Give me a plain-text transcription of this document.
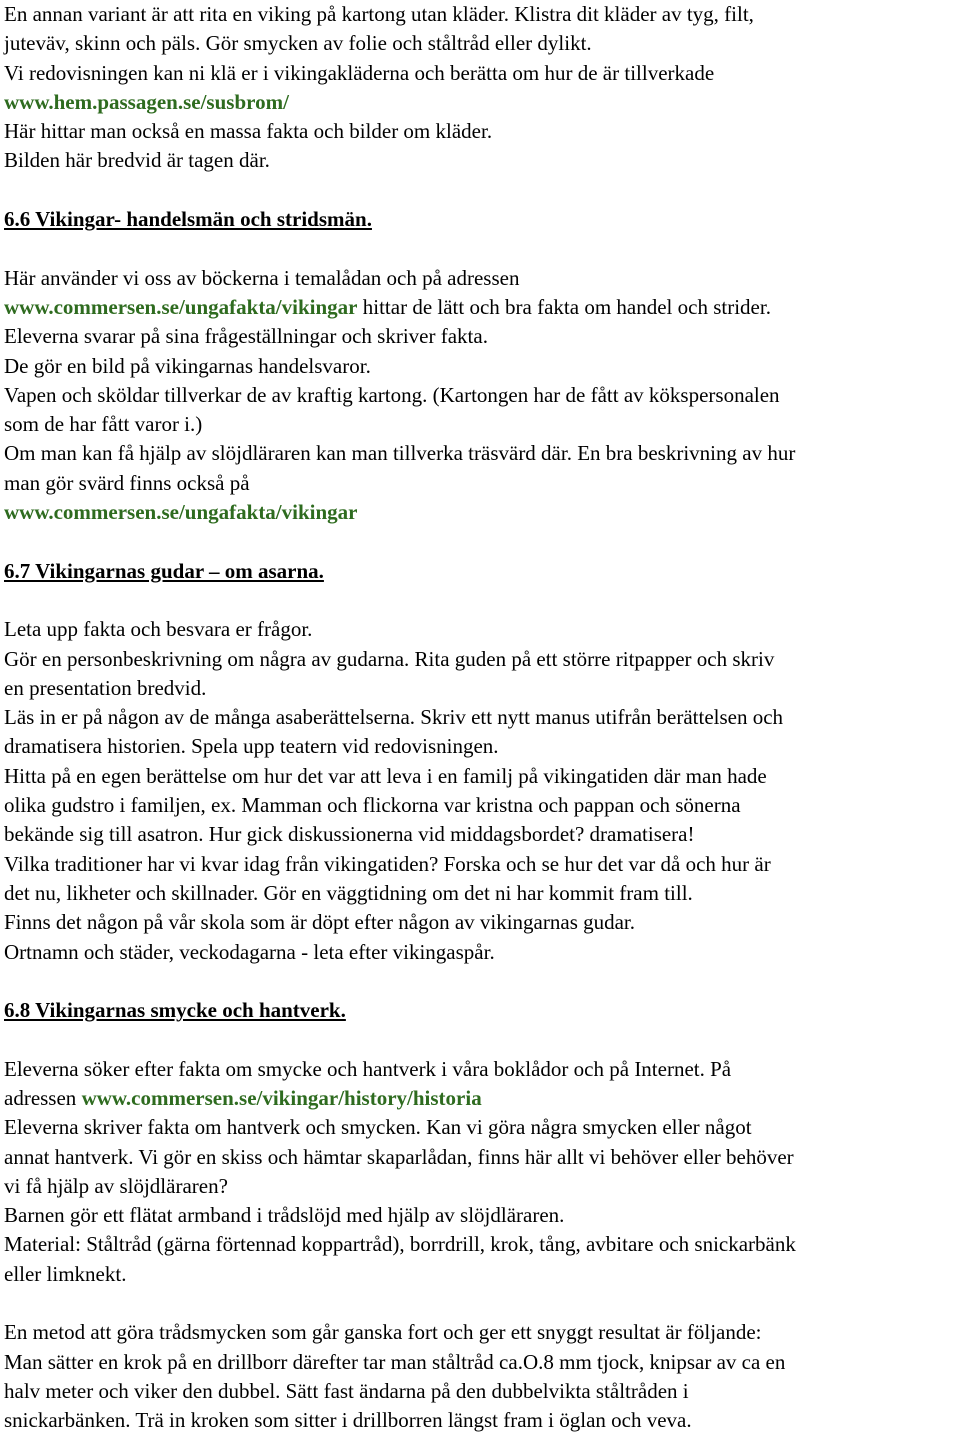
En annan variant är att rita en viking på kartong utan kläder. Klistra dit kläder av tyg, filt,
juteväv, skinn och päls. Gör smycken av folie och ståltråd eller dylikt.
Vi redovisningen kan ni klä er i vikingakläderna och berätta om hur de är tillverkade
www.hem.passagen.se/susbrom/
Här hittar man också en massa fakta och bilder om kläder.
Bilden här bredvid är tagen där.
6.6 Vikingar- handelsmän och stridsmän.
Här använder vi oss av böckerna i temalådan och på adressen
www.commersen.se/ungafakta/vikingar hittar de lätt och bra fakta om handel och strider.
Eleverna svarar på sina frågeställningar och skriver fakta.
De gör en bild på vikingarnas handelsvaror.
Vapen och sköldar tillverkar de av kraftig kartong. (Kartongen har de fått av kökspersonalen
som de har fått varor i.)
Om man kan få hjälp av slöjdläraren kan man tillverka träsvärd där. En bra beskrivning av hur
man gör svärd finns också på
www.commersen.se/ungafakta/vikingar
6.7 Vikingarnas gudar – om asarna.
Leta upp fakta och besvara er frågor.
Gör en personbeskrivning om några av gudarna. Rita guden på ett större ritpapper och skriv
en presentation bredvid.
Läs in er på någon av de många asaberättelserna. Skriv ett nytt manus utifrån berättelsen och
dramatisera historien. Spela upp teatern vid redovisningen.
Hitta på en egen berättelse om hur det var att leva i en familj på vikingatiden där man hade
olika gudstro i familjen, ex. Mamman och flickorna var kristna och pappan och sönerna
bekände sig till asatron. Hur gick diskussionerna vid middagsbordet? dramatisera!
Vilka traditioner har vi kvar idag från vikingatiden? Forska och se hur det var då och hur är
det nu, likheter och skillnader. Gör en väggtidning om det ni har kommit fram till.
Finns det någon på vår skola som är döpt efter någon av vikingarnas gudar.
Ortnamn och städer, veckodagarna - leta efter vikingaspår.
6.8 Vikingarnas smycke och hantverk.
Eleverna söker efter fakta om smycke och hantverk i våra boklådor och på Internet. På
adressen www.commersen.se/vikingar/history/historia
Eleverna skriver fakta om hantverk och smycken. Kan vi göra några smycken eller något
annat hantverk. Vi gör en skiss och hämtar skaparlådan, finns här allt vi behöver eller behöver
vi få hjälp av slöjdläraren?
Barnen gör ett flätat armband i trådslöjd med hjälp av slöjdläraren.
Material: Ståltråd (gärna förtennad koppartråd), borrdrill, krok, tång, avbitare och snickarbänk
eller limknekt.
En metod att göra trådsmycken som går ganska fort och ger ett snyggt resultat är följande:
Man sätter en krok på en drillborr därefter tar man ståltråd ca.O.8 mm tjock, knipsar av ca en
halv meter och viker den dubbel. Sätt fast ändarna på den dubbelvikta ståltråden i
snickarbänken. Trä in kroken som sitter i drillborren längst fram i öglan och veva.
